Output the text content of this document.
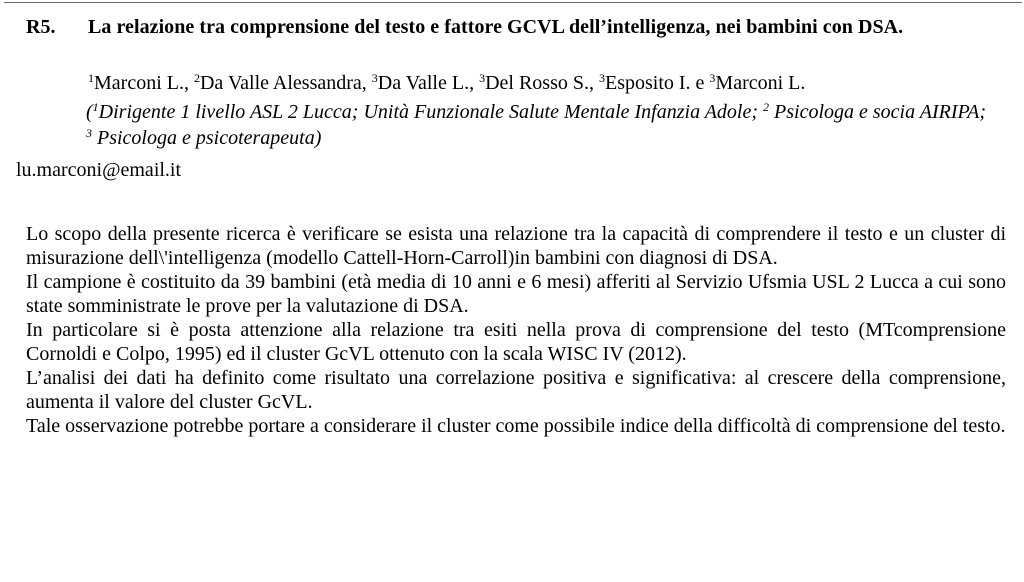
R5. La relazione tra comprensione del testo e fattore GCVL dell’intelligenza, nei bambini con DSA.
$^1$Marconi L., $^2$Da Valle Alessandra, $^3$Da Valle L., $^3$Del Rosso S., $^3$Esposito I. e $^3$Marconi L.
($^1$Dirigente 1 livello ASL 2 Lucca; Unità Funzionale Salute Mentale Infanzia Adole; $^2$ Psicologa e socia AIRIPA; $^3$ Psicologa e psicoterapeuta)
lu.marconi@email.it

Lo scopo della presente ricerca è verificare se esista una relazione tra la capacità di comprendere il testo e un cluster di misurazione dell\'intelligenza (modello Cattell-Horn-Carroll)in bambini con diagnosi di DSA.

Il campione è costituito da 39 bambini (età media di 10 anni e 6 mesi) afferiti al Servizio Ufsmia USL 2 Lucca a cui sono state somministrate le prove per la valutazione di DSA.

In particolare si è posta attenzione alla relazione tra esiti nella prova di comprensione del testo (MTcomprensione Cornoldi e Colpo, 1995) ed il cluster GcVL ottenuto con la scala WISC IV (2012).

L’analisi dei dati ha definito come risultato una correlazione positiva e significativa: al crescere della comprensione, aumenta il valore del cluster GcVL.

Tale osservazione potrebbe portare a considerare il cluster come possibile indice della difficoltà di comprensione del testo.
